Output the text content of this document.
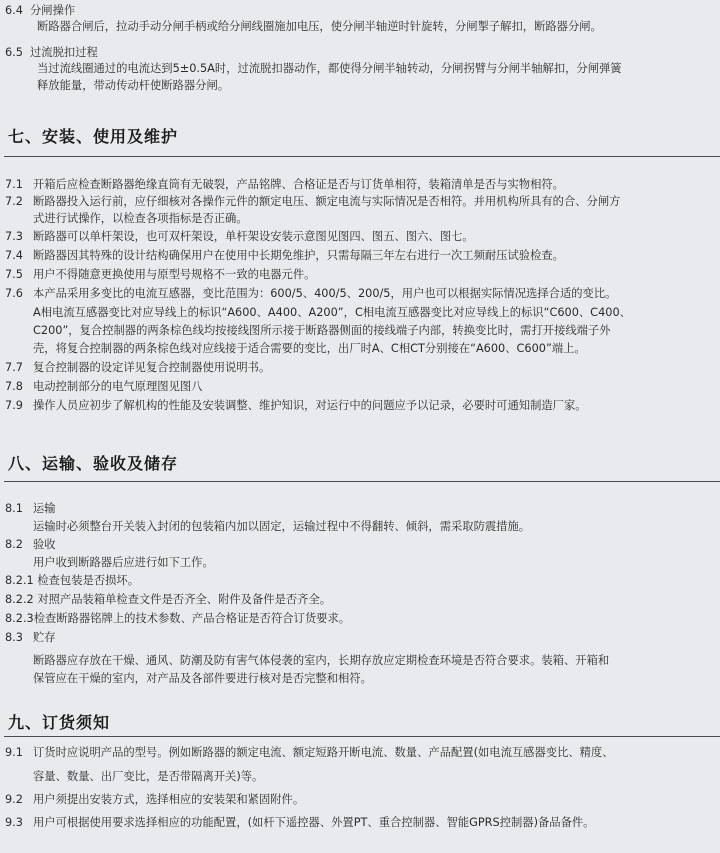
6.4 分闸操作
断路器合闸后，拉动手动分闸手柄或给分闸线圈施加电压，使分闸半轴逆时针旋转，分闸掣子解扣，断路器分闸。
6.5 过流脱扣过程
当过流线圈通过的电流达到5±0.5A时，过流脱扣器动作，都使得分闸半轴转动，分闸拐臂与分闸半轴解扣，分闸弹簧
释放能量，带动传动杆使断路器分闸。
七、安装、使用及维护
7.1 开箱后应检查断路器绝缘直筒有无破裂，产品铭牌、合格证是否与订货单相符，装箱清单是否与实物相符。
7.2 断路器投入运行前，应仔细核对各操作元件的额定电压、额定电流与实际情况是否相符。并用机构所具有的合、分闸方
式进行试操作，以检查各项指标是否正确。
7.3 断路器可以单杆架设，也可双杆架设，单杆架设安装示意图见图四、图五、图六、图七。
7.4 断路器因其特殊的设计结构确保用户在使用中长期免维护，只需每隔三年左右进行一次工频耐压试验检查。
7.5 用户不得随意更换使用与原型号规格不一致的电器元件。
7.6 本产品采用多变比的电流互感器，变比范围为：600/5、400/5、200/5，用户也可以根据实际情况选择合适的变比。
A相电流互感器变比对应导线上的标识“A600、A400、A200”，C相电流互感器变比对应导线上的标识“C600、C400、
C200”，复合控制器的两条棕色线均按接线图所示接于断路器侧面的接线端子内部，转换变比时，需打开接线端子外
壳，将复合控制器的两条棕色线对应线接于适合需要的变比，出厂时A、C相CT分别接在“A600、C600”端上。
7.7 复合控制器的设定详见复合控制器使用说明书。
7.8 电动控制部分的电气原理图见图八
7.9 操作人员应初步了解机构的性能及安装调整、维护知识，对运行中的问题应予以记录，必要时可通知制造厂家。
八、运输、验收及储存
8.1 运输
运输时必须整台开关装入封闭的包装箱内加以固定，运输过程中不得翻转、倾斜，需采取防震措施。
8.2 验收
用户收到断路器后应进行如下工作。
8.2.1 检查包装是否损坏。
8.2.2 对照产品装箱单检查文件是否齐全、附件及备件是否齐全。
8.2.3检查断路器铭牌上的技术参数、产品合格证是否符合订货要求。
8.3 贮存
断路器应存放在干燥、通风、防潮及防有害气体侵袭的室内，长期存放应定期检查环境是否符合要求。装箱、开箱和
保管应在干燥的室内，对产品及各部件要进行核对是否完整和相符。
九、订货须知
9.1 订货时应说明产品的型号。例如断路器的额定电流、额定短路开断电流、数量、产品配置(如电流互感器变比、精度、
容量、数量、出厂变比，是否带隔离开关)等。
9.2 用户须提出安装方式，选择相应的安装架和紧固附件。
9.3 用户可根据使用要求选择相应的功能配置，(如杆下遥控器、外置PT、重合控制器、智能GPRS控制器)备品备件。
